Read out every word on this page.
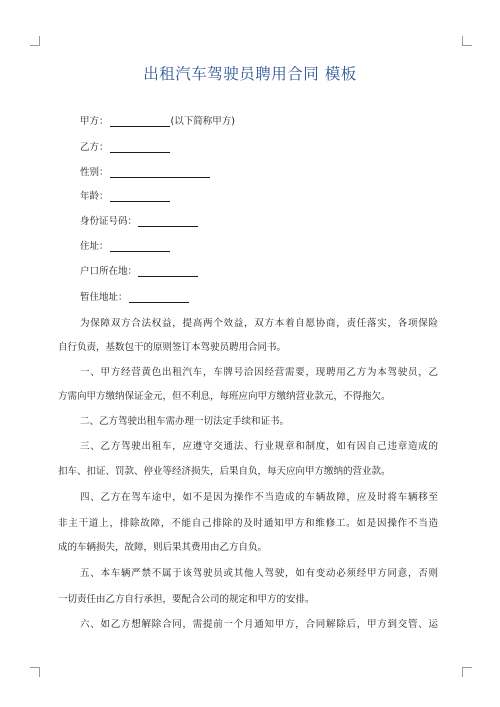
出租汽车驾驶员聘用合同 模板
甲方：	(以下简称甲方)
乙方：
性别：
年龄：
身份证号码：
住址：
户口所在地：
暂住地址：
为保障双方合法权益，提高两个效益，双方本着自愿协商，责任落实，各项保险
自行负责，基数包干的原则签订本驾驶员聘用合同书。
一、甲方经营黄色出租汽车，车牌号洽因经营需要，现聘用乙方为本驾驶员，乙
方需向甲方缴纳保证金元，但不利息，每班应向甲方缴纳营业款元，不得拖欠。
二、乙方驾驶出租车需办理一切法定手续和证书。
三、乙方驾驶出租车，应遵守交通法、行业规章和制度，如有因自己违章造成的
扣车、扣证、罚款、停业等经济损失，后果自负，每天应向甲方缴纳的营业款。
四、乙方在驾车途中，如不是因为操作不当造成的车辆故障，应及时将车辆移至
非主干道上，排除故障，不能自己排除的及时通知甲方和维修工。如是因操作不当造
成的车辆损失，故障，则后果其费用由乙方自负。
五、本车辆严禁不属于该驾驶员或其他人驾驶，如有变动必须经甲方同意，否则
一切责任由乙方自行承担，要配合公司的规定和甲方的安排。
六、如乙方想解除合同，需提前一个月通知甲方，合同解除后，甲方到交管、运
